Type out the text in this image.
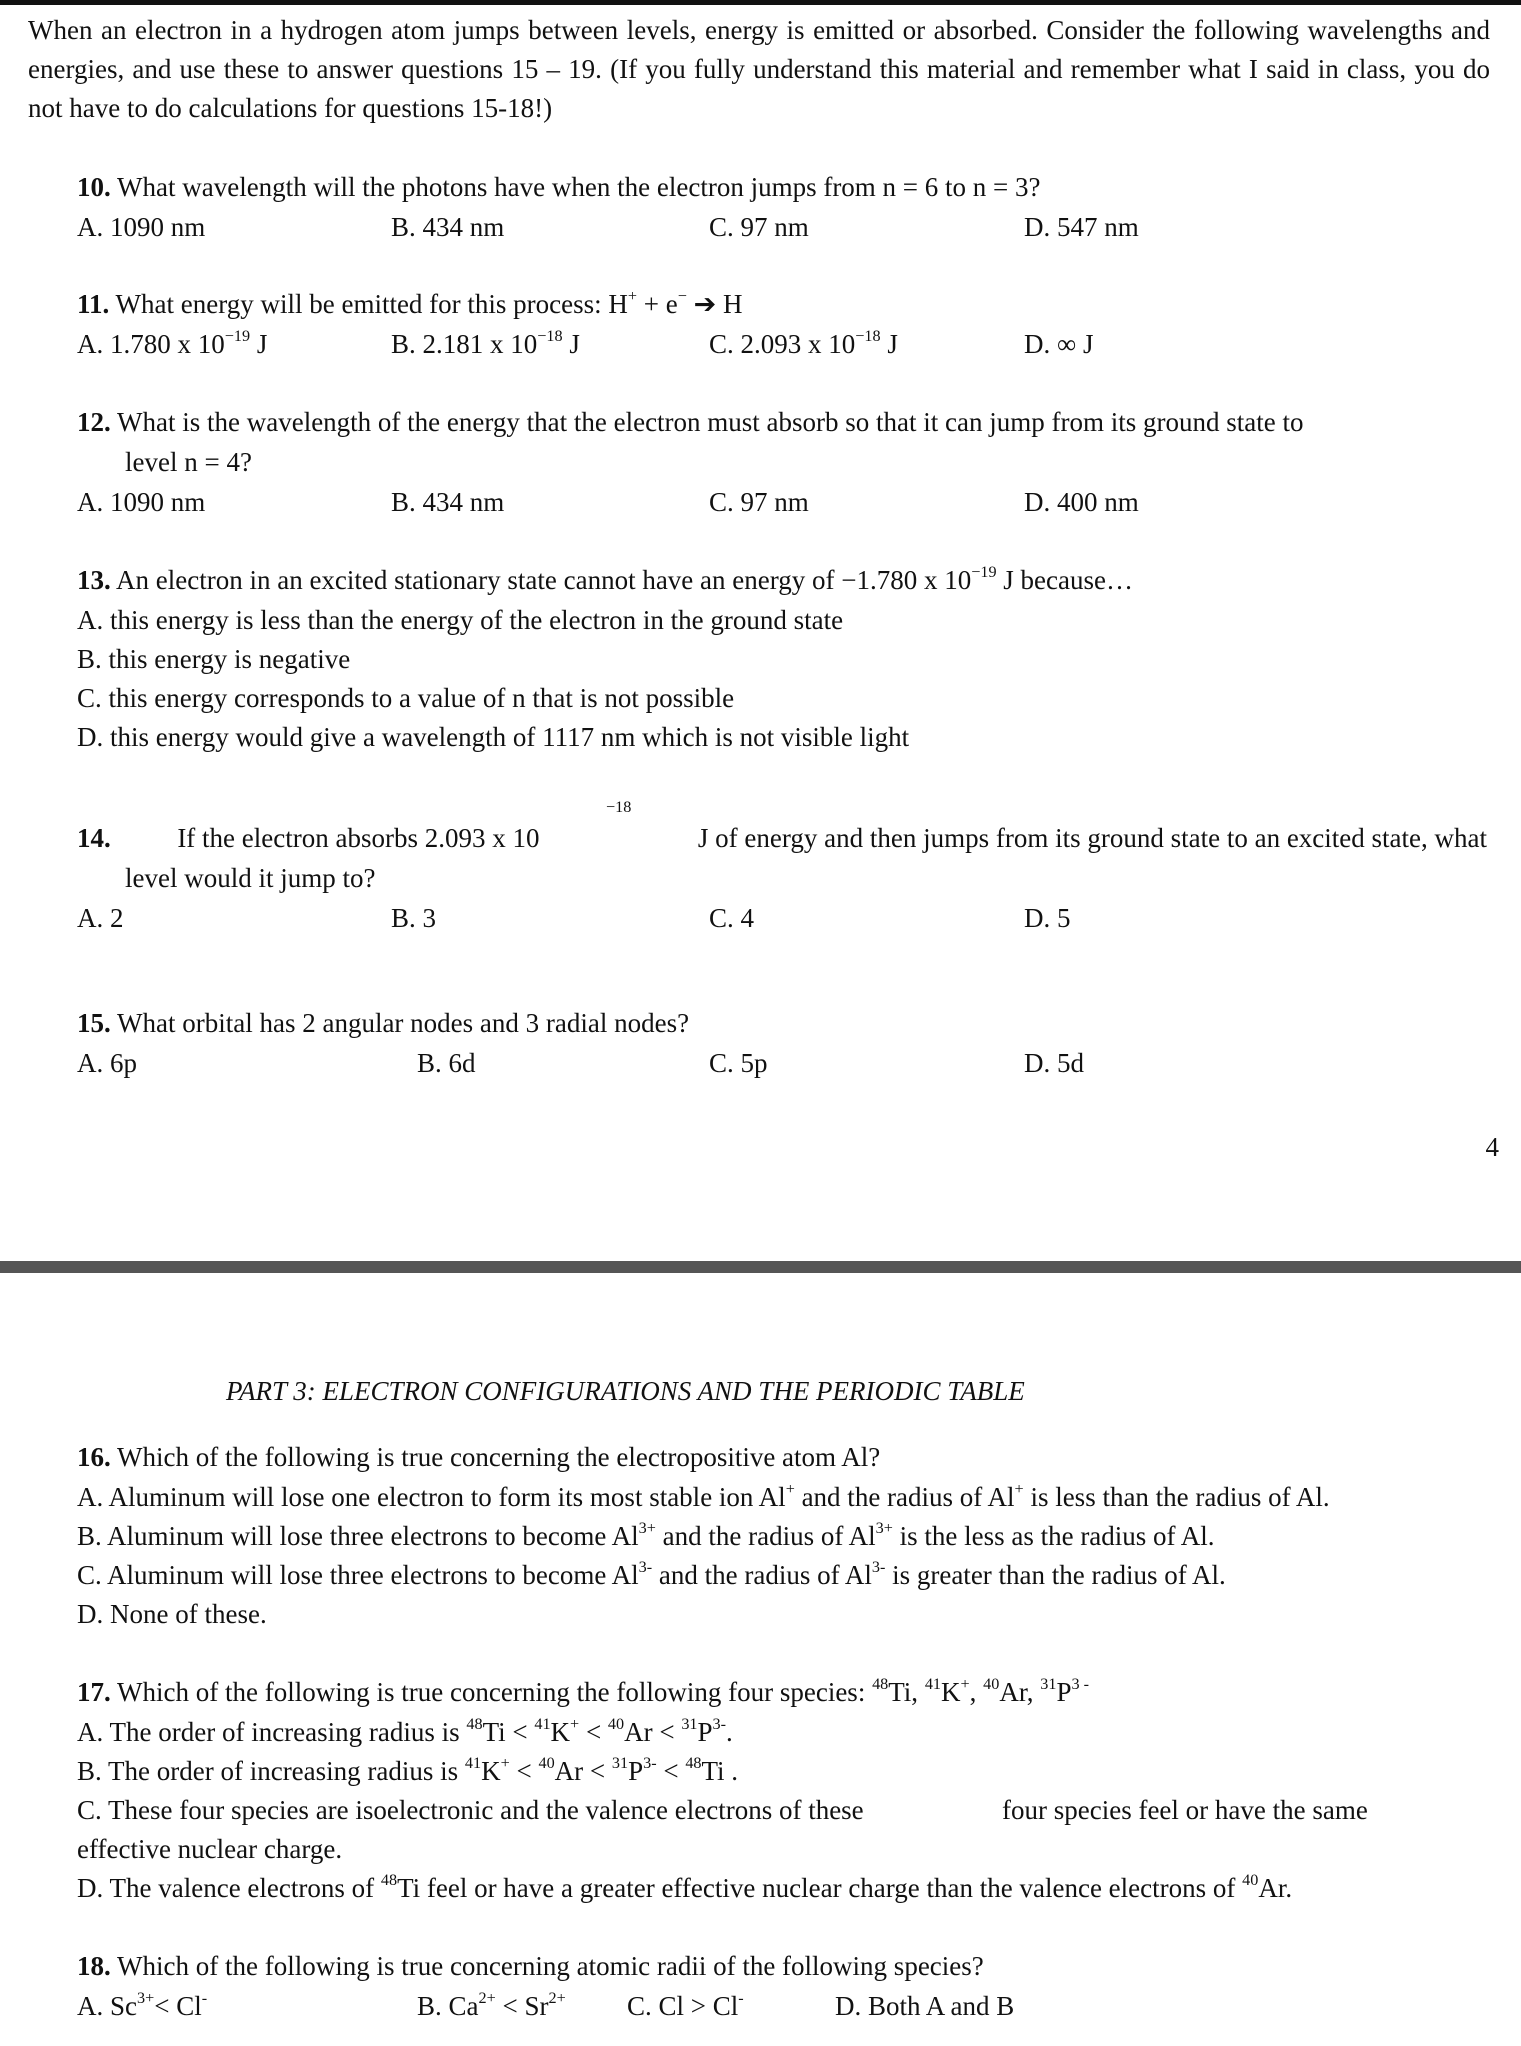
When an electron in a hydrogen atom jumps between levels, energy is emitted or absorbed. Consider the following wavelengths and energies, and use these to answer questions 15 – 19. (If you fully understand this material and remember what I said in class, you do not have to do calculations for questions 15-18!)
10. What wavelength will the photons have when the electron jumps from n = 6 to n = 3?
A. 1090 nm	B. 434 nm	C. 97 nm	D. 547 nm
11. What energy will be emitted for this process: H+ + e− ➔ H
A. 1.780 x $10^{-19}$ J	B. 2.181 x $10^{-18}$ J	C. 2.093 x $10^{-18}$ J	D. ∞ J
12. What is the wavelength of the energy that the electron must absorb so that it can jump from its ground state to
level n = 4?
A. 1090 nm	B. 434 nm	C. 97 nm	D. 400 nm
13. An electron in an excited stationary state cannot have an energy of −1.780 x $10^{-19}$ J because…
A. this energy is less than the energy of the electron in the ground state
B. this energy is negative
C. this energy corresponds to a value of n that is not possible
D. this energy would give a wavelength of 1117 nm which is not visible light
14. If the electron absorbs 2.093 x 10
$^{-18}$
J of energy and then jumps from its ground state to an excited state, what
level would it jump to?
A. 2	B. 3	C. 4	D. 5
15. What orbital has 2 angular nodes and 3 radial nodes?
A. 6p	B. 6d	C. 5p	D. 5d
4
PART 3: ELECTRON CONFIGURATIONS AND THE PERIODIC TABLE
16. Which of the following is true concerning the electropositive atom Al?
A. Aluminum will lose one electron to form its most stable ion Al+ and the radius of Al+ is less than the radius of Al.
B. Aluminum will lose three electrons to become $Al^{3+}$ and the radius of $Al^{3+}$ is the less as the radius of Al.
C. Aluminum will lose three electrons to become $Al^{3-}$ and the radius of $Al^{3-}$ is greater than the radius of Al.
D. None of these.
17. Which of the following is true concerning the following four species: $^{48}$Ti, $^{41}$K+, $^{40}$Ar, $^{31}P^{3 -}$
A. The order of increasing radius is $^{48}Ti < ^{41}K^+ < ^{40}Ar < ^{31}P^{3-}$.
B. The order of increasing radius is $^{41}K^+ < ^{40}Ar < ^{31}P^{3-} < ^{48}Ti$ .
C. These four species are isoelectronic and the valence electrons of these	four species feel or have the same
effective nuclear charge.
D. The valence electrons of $^{48}$Ti feel or have a greater effective nuclear charge than the valence electrons of $^{40}$Ar.
18. Which of the following is true concerning atomic radii of the following species?
A. $Sc^{3+}< Cl^-$	B. $Ca^{2+} < Sr^{2+}$ C. Cl > Cl-	D. Both A and B
